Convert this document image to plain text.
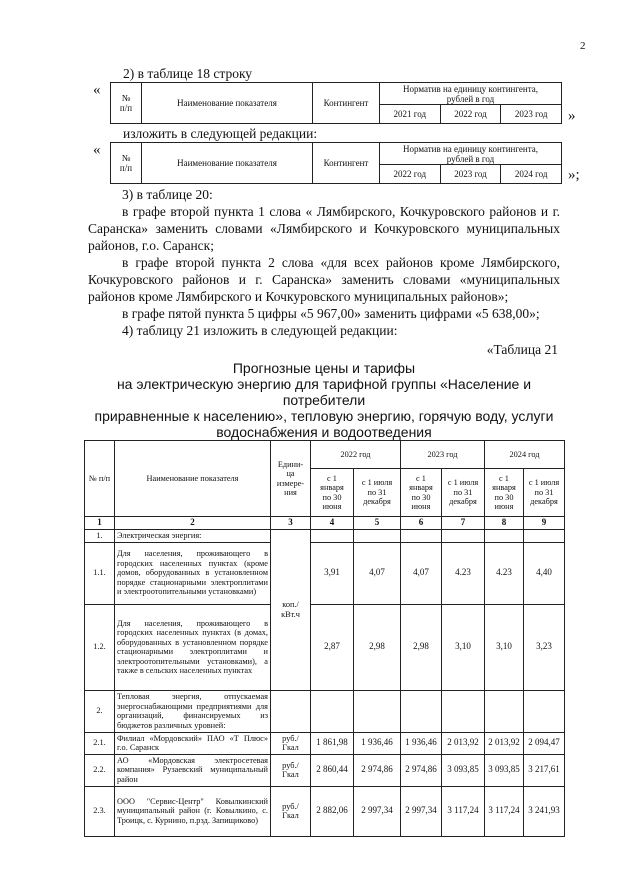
2
2) в таблице 18 строку
« №
п/п	Наименование показателя	Контингент	Норматив на единицу контингента,
рублей в год		
			2021 год	2022 год	2023 год »
изложить в следующей редакции:
« №
п/п	Наименование показателя	Контингент	Норматив на единицу контингента,
рублей в год		
			2022 год	2023 год	2024 год »;

3) в таблице 20:

в графе второй пункта 1 слова « Лямбирского, Кочкуровского районов и г. Саранска» заменить словами «Лямбирского и Кочкуровского муниципальных районов, г.о. Саранск;

в графе второй пункта 2 слова «для всех районов кроме Лямбирского, Кочкуровского районов и г. Саранска» заменить словами «муниципальных районов кроме Лямбирского и Кочкуровского муниципальных районов»;

в графе пятой пункта 5 цифры «5 967,00» заменить цифрами «5 638,00»;

4) таблицу 21 изложить в следующей редакции:

«Таблица 21
Прогнозные цены и тарифы
на электрическую энергию для тарифной группы «Население и потребители
приравненные к населению», тепловую энергию, горячую воду, услуги
водоснабжения и водоотведения
№ п/п	Наименование показателя	Едини-
ца
измере-
ния	2022 год		2023 год		2024 год	
			с 1
января
по 30
июня	с 1 июля
по 31
декабря	с 1
января
по 30
июня	с 1 июля
по 31
декабря	с 1
января
по 30
июня	с 1 июля
по 31
декабря
1	2	3	4	5	6	7	8	9
1.	Электрическая энергия:	коп./
кВт.ч						
1.1.	Для населения, проживающего в городских населенных пунктах (кроме домов, оборудованных в установленном порядке стационарными электроплитами и электроотопительными установками)		3,91	4,07	4,07	4.23	4.23	4,40
1.2.	Для населения, проживающего в городских населенных пунктах (в домах, оборудованных в установленном порядке стационарными электроплитами и электроотопительными установками), а также в сельских населенных пунктах		2,87	2,98	2,98	3,10	3,10	3,23
2.	Тепловая энергия, отпускаемая энергоснабжающими предприятиями для организаций, финансируемых из бюджетов различных уровней:							
2.1.	Филиал «Мордовский» ПАО «Т Плюс» г.о. Саранск	руб./
Гкал	1 861,98	1 936,46	1 936,46	2 013,92	2 013,92	2 094,47
2.2.	АО «Мордовская электросетевая компания» Рузаевский муниципальный район	руб./
Гкал	2 860,44	2 974,86	2 974,86	3 093,85	3 093,85	3 217,61
2.3.	ООО "Сервис-Центр" Ковылкинский муниципальный район (г. Ковылкино, с. Троицк, с. Курнино, п.рзд. Запищиково)	руб./
Гкал	2 882,06	2 997,34	2 997,34	3 117,24	3 117,24	3 241,93
